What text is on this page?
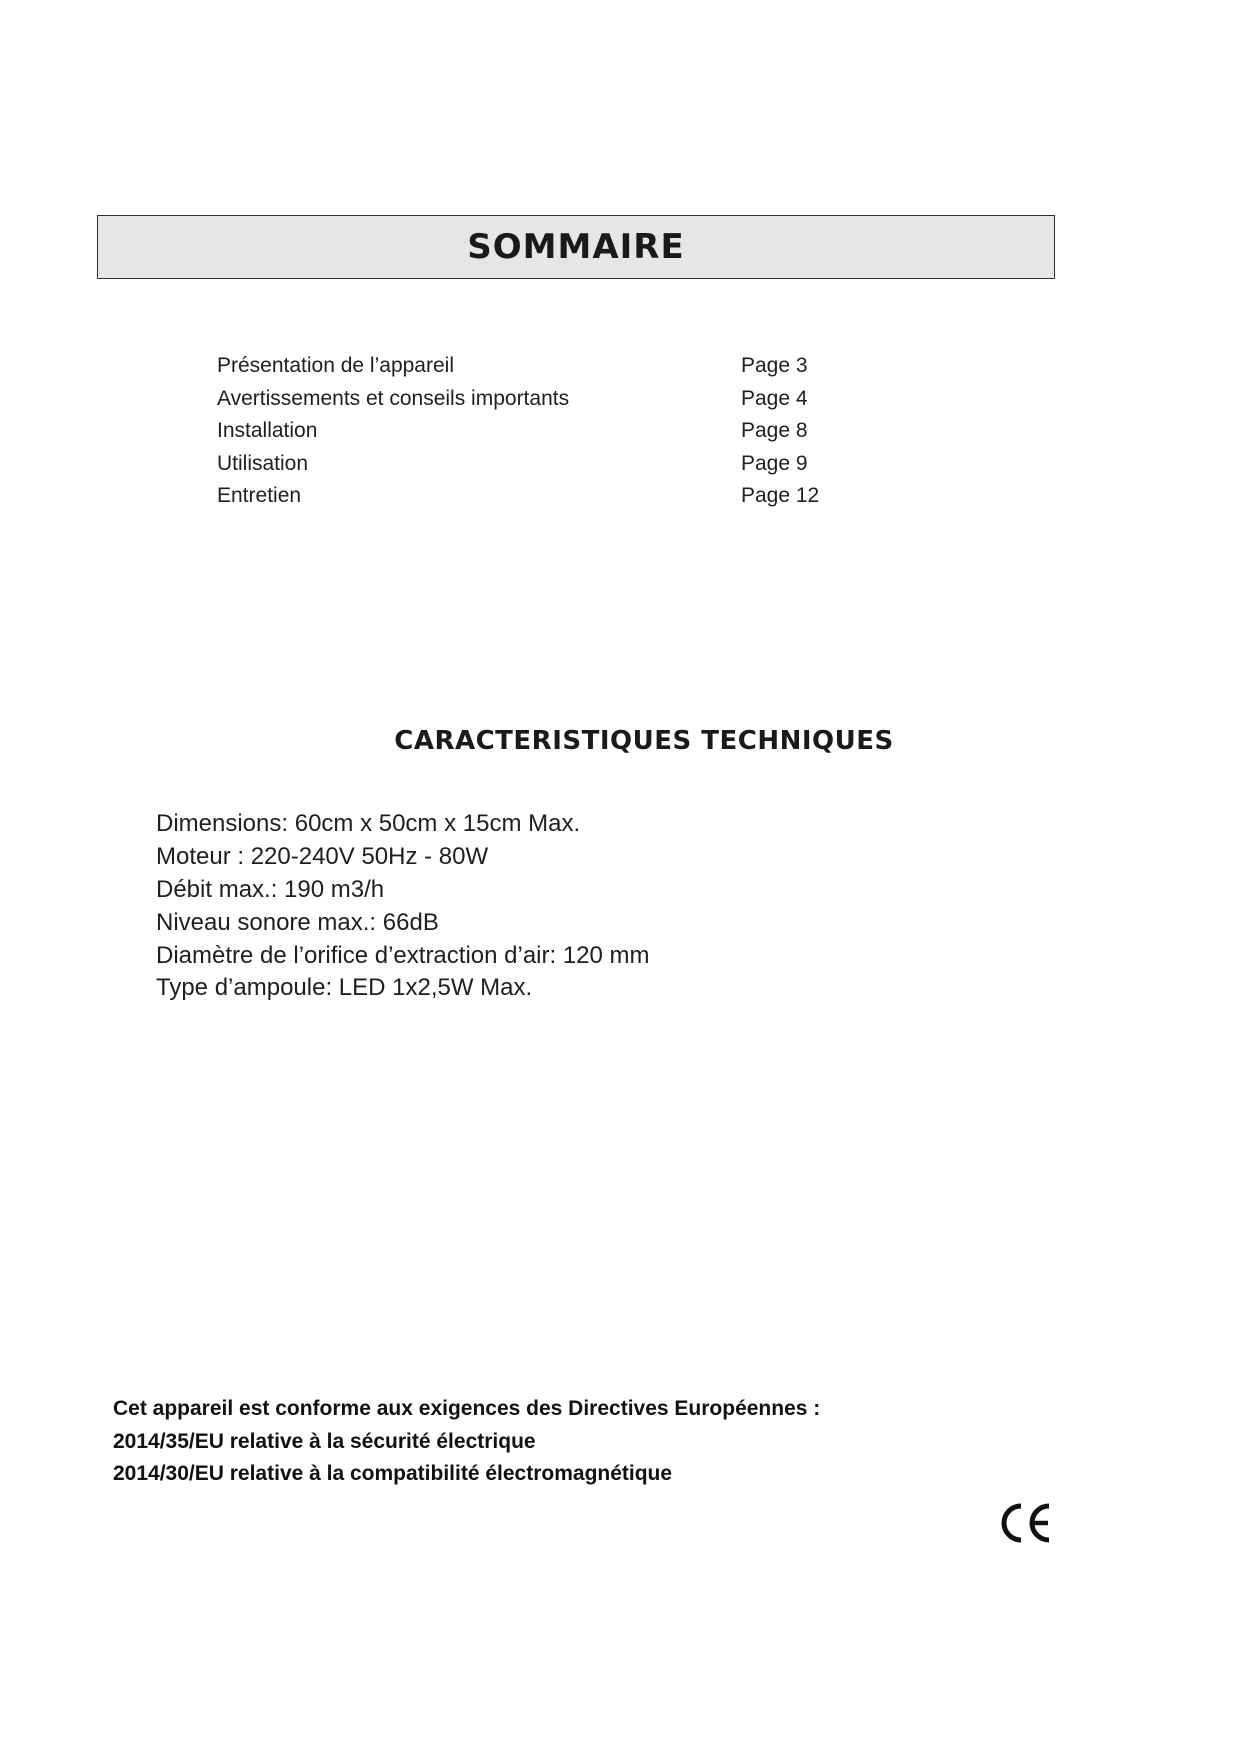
SOMMAIRE
Présentation de l’appareil	Page 3
Avertissements et conseils importants	Page 4
Installation	Page 8
Utilisation	Page 9
Entretien	Page 12
CARACTERISTIQUES TECHNIQUES
Dimensions: 60cm x 50cm x 15cm Max.
Moteur : 220-240V 50Hz - 80W
Débit max.: 190 m3/h
Niveau sonore max.: 66dB
Diamètre de l’orifice d’extraction d’air: 120 mm
Type d’ampoule: LED 1x2,5W Max.

Cet appareil est conforme aux exigences des Directives Européennes :

2014/35/EU relative à la sécurité électrique

2014/30/EU relative à la compatibilité électromagnétique
